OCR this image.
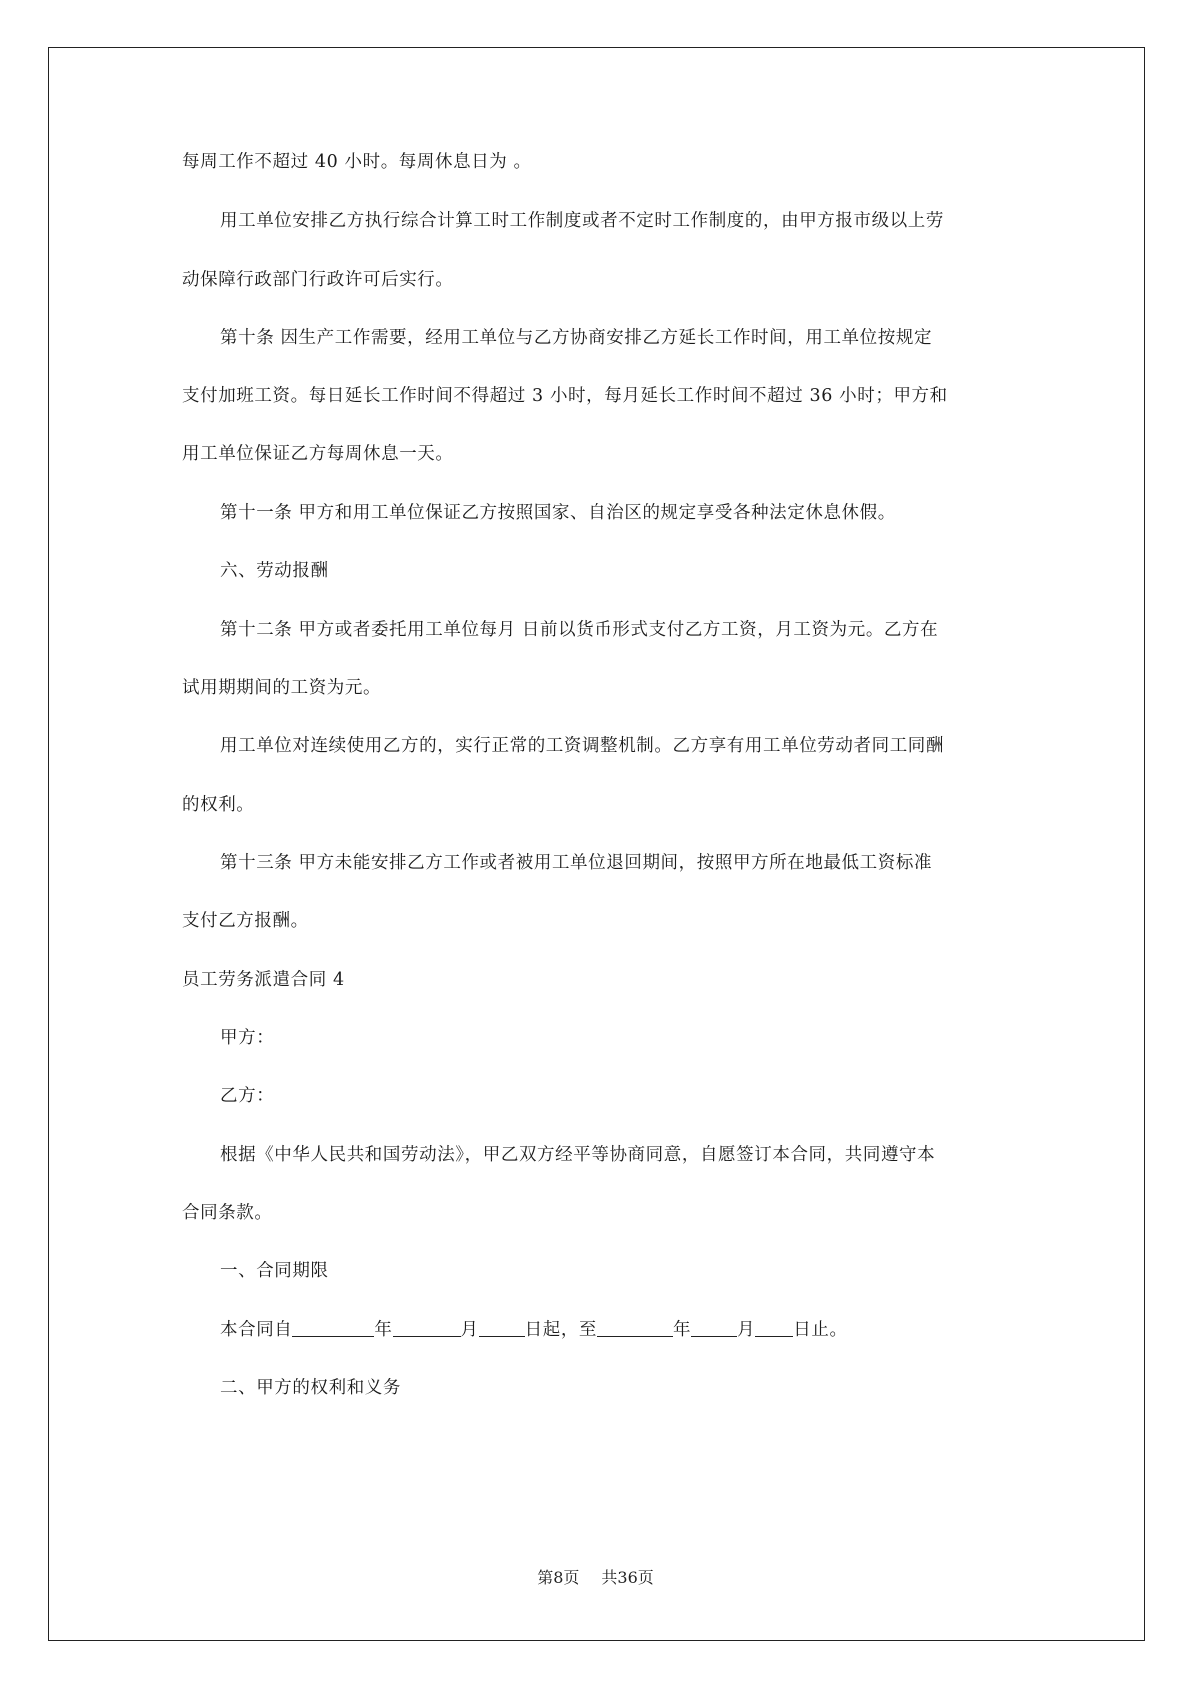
每周工作不超过 40 小时。每周休息日为 。
用工单位安排乙方执行综合计算工时工作制度或者不定时工作制度的，由甲方报市级以上劳
动保障行政部门行政许可后实行。
第十条 因生产工作需要，经用工单位与乙方协商安排乙方延长工作时间，用工单位按规定
支付加班工资。每日延长工作时间不得超过 3 小时，每月延长工作时间不超过 36 小时；甲方和
用工单位保证乙方每周休息一天。
第十一条 甲方和用工单位保证乙方按照国家、自治区的规定享受各种法定休息休假。
六、劳动报酬
第十二条 甲方或者委托用工单位每月 日前以货币形式支付乙方工资，月工资为元。乙方在
试用期期间的工资为元。
用工单位对连续使用乙方的，实行正常的工资调整机制。乙方享有用工单位劳动者同工同酬
的权利。
第十三条 甲方未能安排乙方工作或者被用工单位退回期间，按照甲方所在地最低工资标准
支付乙方报酬。
员工劳务派遣合同 4
甲方：
乙方：
根据《中华人民共和国劳动法》，甲乙双方经平等协商同意，自愿签订本合同，共同遵守本
合同条款。
一、合同期限
本合同自	年	月	日起，至	年	月 日止。
二、甲方的权利和义务
第8页 共36页
